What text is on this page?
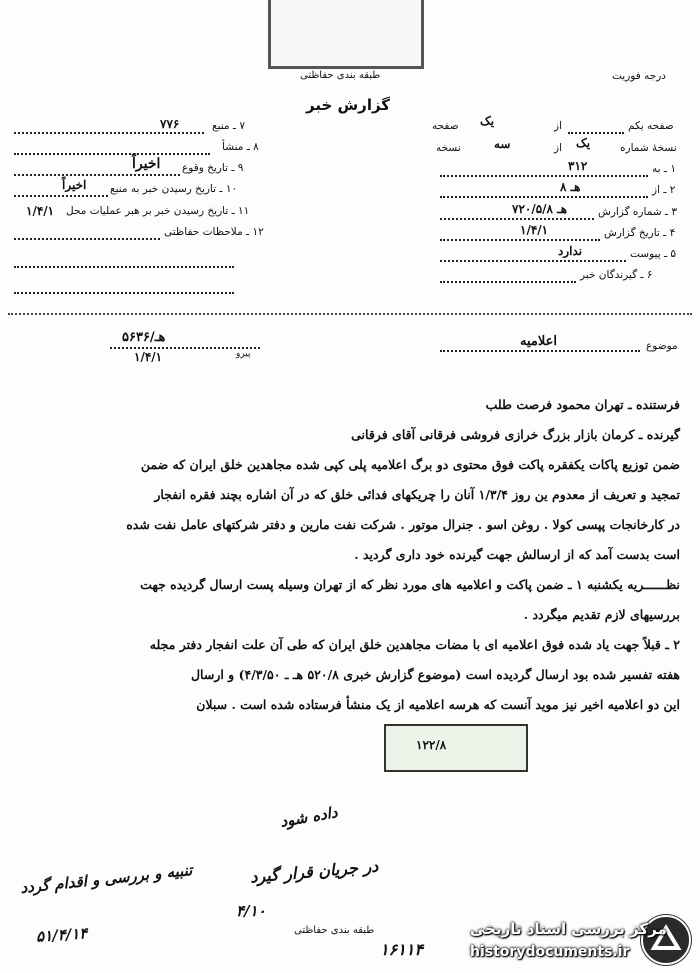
طبقه بندی حفاظتی	درجه فوریت
گزارش خبر
۷ ـ منبع
۷۷۶
۸ ـ منشأ
۹ ـ تاریخ وقوع
اخیراً
۱۰ ـ تاریخ رسیدن خبر به منبع
اخیراً
۱۱ ـ تاریخ رسیدن خبر بر هبر عملیات محل
۱/۴/۱
۱۲ ـ ملاحظات حفاظتی
صفحه یکم
از
یک
صفحه
نسخهٔ شماره
یک
از
سه
نسخه
۱ ـ به
۳۱۲
۲ ـ از
۸ هـ
۳ ـ شماره گزارش
۷۲۰/۵/۸ هـ
۴ ـ تاریخ گزارش
۱/۴/۱
۵ ـ پیوست
ندارد
۶ ـ گیرندگان خبر
موضوع
اعلامیه
۵۶۳۶/هـ
پیرو
۱/۴/۱
فرستنده ـ تهران محمود فرصت طلب
گیرنده ـ کرمان بازار بزرگ خرازی فروشی فرقانی آقای فرقانی
ضمن توزیع پاکات یکفقره پاکت فوق محتوی دو برگ اعلامیه پلی کپی شده مجاهدین خلق ایران که ضمن
تمجید و تعریف از معدوم ین روز ۱/۳/۴ آنان را چریکهای فدائی خلق که در آن اشاره بچند فقره انفجار
در کارخانجات پپسی کولا . روغن اسو . جنرال موتور . شرکت نفت مارین و دفتر شرکتهای عامل نفت شده
است بدست آمد که از ارسالش جهت گیرنده خود داری گردید .
نظــــــریه یکشنبه ۱ ـ ضمن پاکت و اعلامیه های مورد نظر که از تهران وسیله پست ارسال گردیده جهت
بررسیهای لازم تقدیم میگردد .
۲ ـ قبلاً جهت یاد شده فوق اعلامیه ای با مضات مجاهدین خلق ایران که طی آن علت انفجار دفتر مجله
هفته تفسیر شده بود ارسال گردیده است (موضوع گزارش خبری ۵۲۰/۸ هـ ـ ۴/۳/۵۰) و ارسال
این دو اعلامیه اخیر نیز موید آنست که هرسه اعلامیه از یک منشأ فرستاده شده است . سبلان
۱۲۲/۸
داده شود
در جریان قرار گیرد
تنبیه و بررسی و اقدام گردد
۵۱/۴/۱۴
۴/۱۰
۱۶۱۱۴
طبقه بندی حفاظتی	مرکز بررسی اسناد تاریخی
historydocuments.ir
